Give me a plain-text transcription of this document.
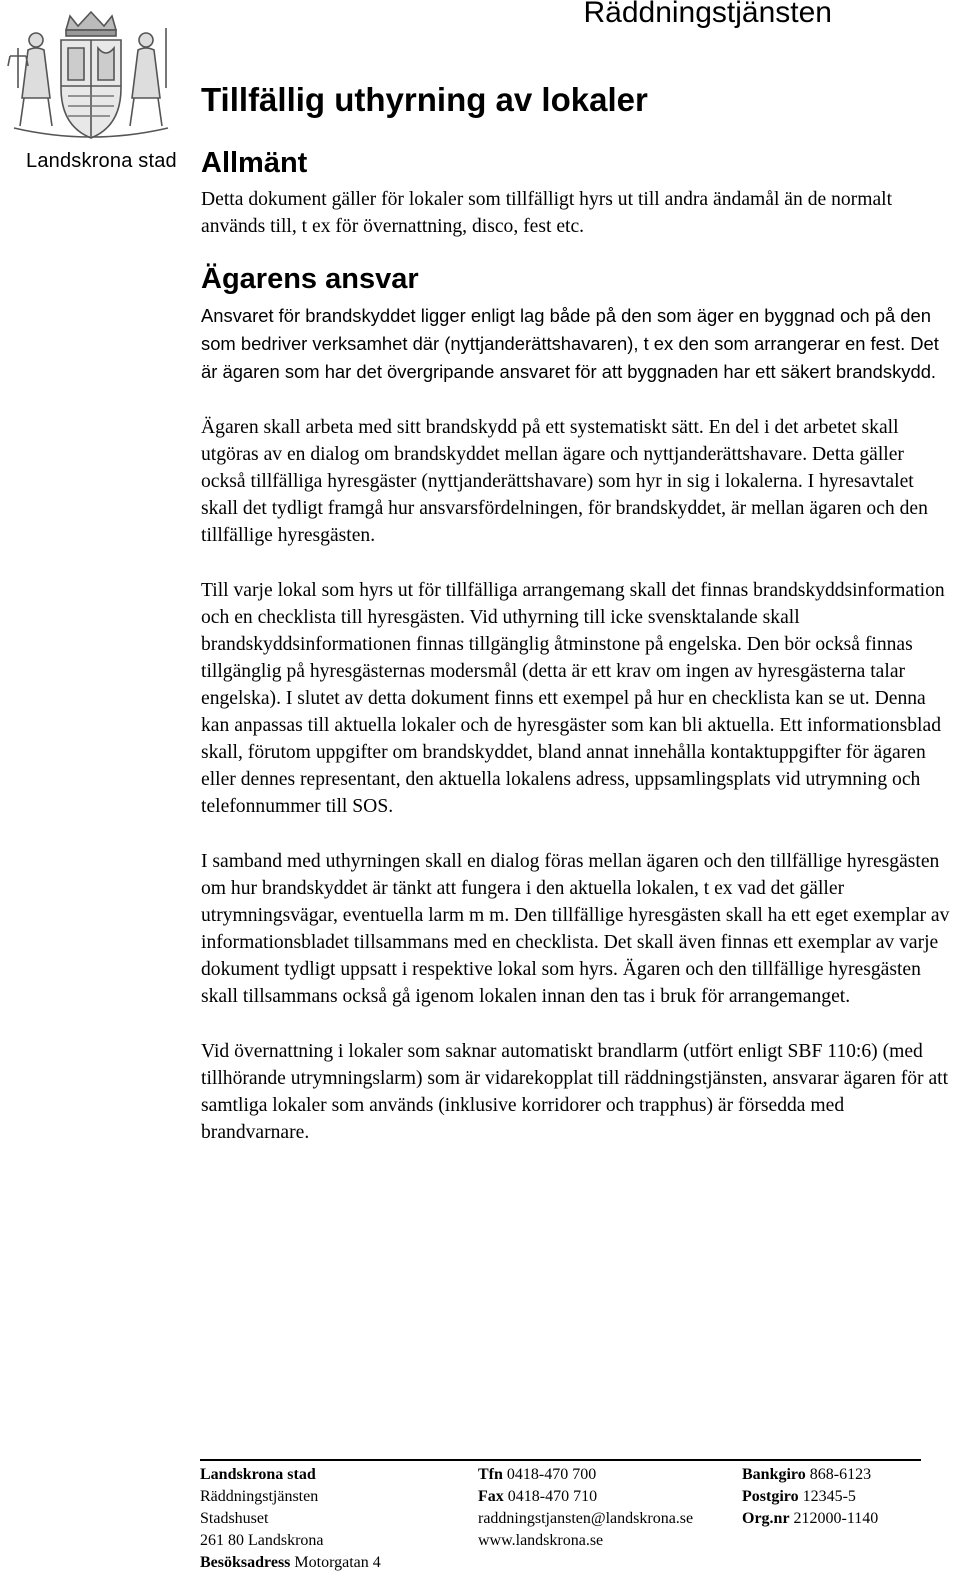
Landskrona stad
Räddningstjänsten
Tillfällig uthyrning av lokaler
Allmänt

Detta dokument gäller för lokaler som tillfälligt hyrs ut till andra ändamål än de normalt används till, t ex för övernattning, disco, fest etc.

Ägarens ansvar

Ansvaret för brandskyddet ligger enligt lag både på den som äger en byggnad och på den som bedriver verksamhet där (nyttjanderättshavaren), t ex den som arrangerar en fest. Det är ägaren som har det övergripande ansvaret för att byggnaden har ett säkert brandskydd.

Ägaren skall arbeta med sitt brandskydd på ett systematiskt sätt. En del i det arbetet skall utgöras av en dialog om brandskyddet mellan ägare och nyttjanderättshavare. Detta gäller också tillfälliga hyresgäster (nyttjanderättshavare) som hyr in sig i lokalerna. I hyresavtalet skall det tydligt framgå hur ansvarsfördelningen, för brandskyddet, är mellan ägaren och den tillfällige hyresgästen.

Till varje lokal som hyrs ut för tillfälliga arrangemang skall det finnas brandskyddsinformation och en checklista till hyresgästen. Vid uthyrning till icke svensktalande skall brandskyddsinformationen finnas tillgänglig åtminstone på engelska. Den bör också finnas tillgänglig på hyresgästernas modersmål (detta är ett krav om ingen av hyresgästerna talar engelska). I slutet av detta dokument finns ett exempel på hur en checklista kan se ut. Denna kan anpassas till aktuella lokaler och de hyresgäster som kan bli aktuella. Ett informationsblad skall, förutom uppgifter om brandskyddet, bland annat innehålla kontaktuppgifter för ägaren eller dennes representant, den aktuella lokalens adress, uppsamlingsplats vid utrymning och telefonnummer till SOS.

I samband med uthyrningen skall en dialog föras mellan ägaren och den tillfällige hyresgästen om hur brandskyddet är tänkt att fungera i den aktuella lokalen, t ex vad det gäller utrymningsvägar, eventuella larm m m. Den tillfällige hyresgästen skall ha ett eget exemplar av informationsbladet tillsammans med en checklista. Det skall även finnas ett exemplar av varje dokument tydligt uppsatt i respektive lokal som hyrs. Ägaren och den tillfällige hyresgästen skall tillsammans också gå igenom lokalen innan den tas i bruk för arrangemanget.

Vid övernattning i lokaler som saknar automatiskt brandlarm (utfört enligt SBF 110:6) (med tillhörande utrymningslarm) som är vidarekopplat till räddningstjänsten, ansvarar ägaren för att samtliga lokaler som används (inklusive korridorer och trapphus) är försedda med brandvarnare.

Landskrona stad
Räddningstjänsten
Stadshuset
261 80 Landskrona
Besöksadress Motorgatan 4
Tfn 0418-470 700
Fax 0418-470 710
raddningstjansten@landskrona.se
www.landskrona.se
Bankgiro 868-6123
Postgiro 12345-5
Org.nr 212000-1140
